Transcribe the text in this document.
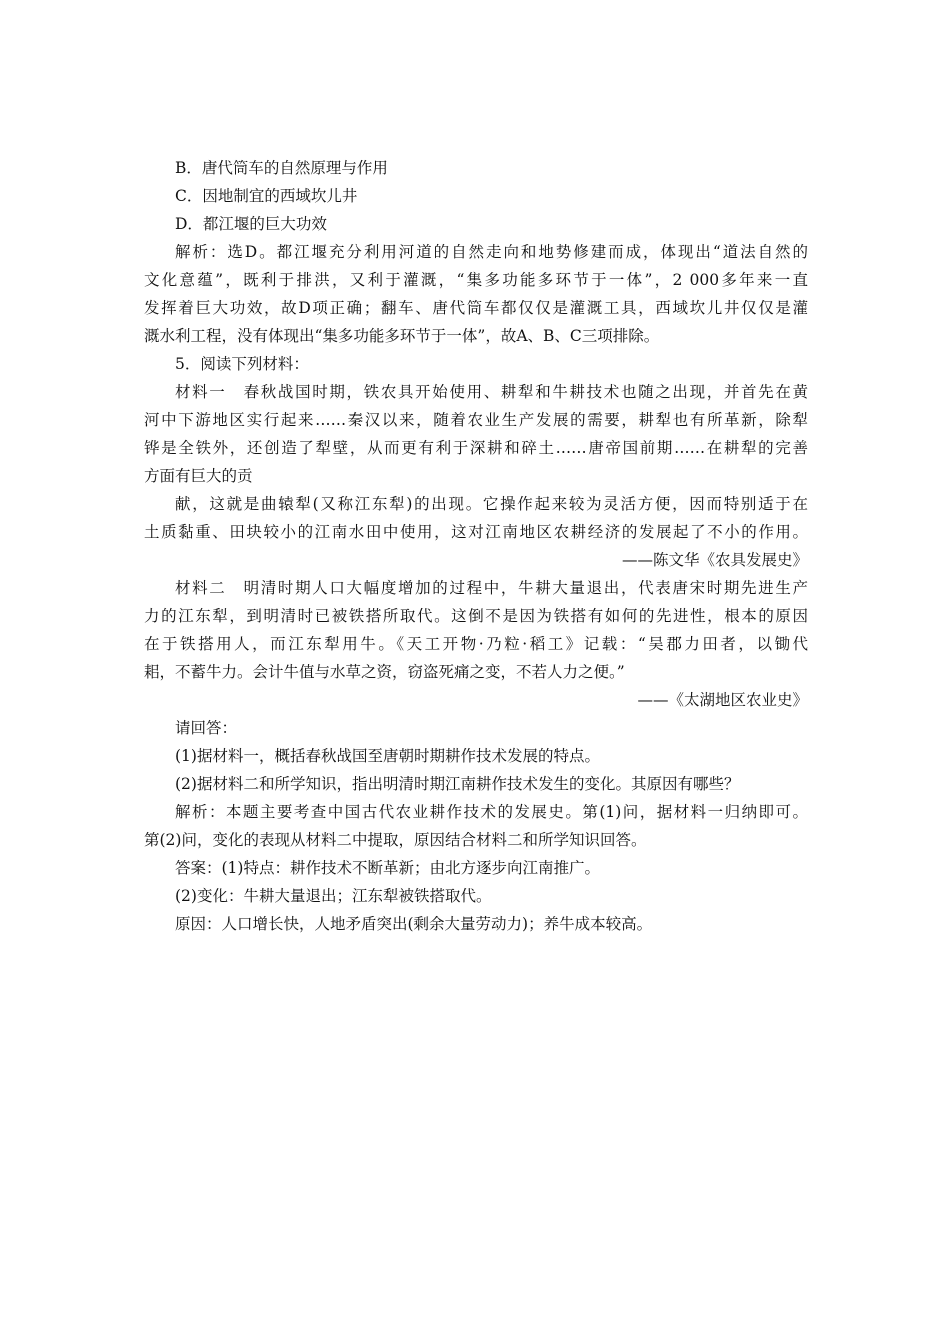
B．唐代筒车的自然原理与作用

C．因地制宜的西域坎儿井

D．都江堰的巨大功效

解析：选D。都江堰充分利用河道的自然走向和地势修建而成，体现出“道法自然的

文化意蕴”，既利于排洪，又利于灌溉，“集多功能多环节于一体”，2 000多年来一直

发挥着巨大功效，故D项正确；翻车、唐代筒车都仅仅是灌溉工具，西域坎儿井仅仅是灌

溉水利工程，没有体现出“集多功能多环节于一体”，故A、B、C三项排除。

5．阅读下列材料：

材料一　春秋战国时期，铁农具开始使用、耕犁和牛耕技术也随之出现，并首先在黄

河中下游地区实行起来……秦汉以来，随着农业生产发展的需要，耕犁也有所革新，除犁

铧是全铁外，还创造了犁壁，从而更有利于深耕和碎土……唐帝国前期……在耕犁的完善

方面有巨大的贡

献，这就是曲辕犁(又称江东犁)的出现。它操作起来较为灵活方便，因而特别适于在

土质黏重、田块较小的江南水田中使用，这对江南地区农耕经济的发展起了不小的作用。

——陈文华《农具发展史》

材料二　明清时期人口大幅度增加的过程中，牛耕大量退出，代表唐宋时期先进生产

力的江东犁，到明清时已被铁搭所取代。这倒不是因为铁搭有如何的先进性，根本的原因

在于铁搭用人，而江东犁用牛。《天工开物·乃粒·稻工》记载：“吴郡力田者，以锄代

耜，不蓄牛力。会计牛值与水草之资，窃盗死痛之变，不若人力之便。”

——《太湖地区农业史》

请回答：

(1)据材料一，概括春秋战国至唐朝时期耕作技术发展的特点。

(2)据材料二和所学知识，指出明清时期江南耕作技术发生的变化。其原因有哪些？

解析：本题主要考查中国古代农业耕作技术的发展史。第(1)问，据材料一归纳即可。

第(2)问，变化的表现从材料二中提取，原因结合材料二和所学知识回答。

答案：(1)特点：耕作技术不断革新；由北方逐步向江南推广。

(2)变化：牛耕大量退出；江东犁被铁搭取代。

原因：人口增长快，人地矛盾突出(剩余大量劳动力)；养牛成本较高。
